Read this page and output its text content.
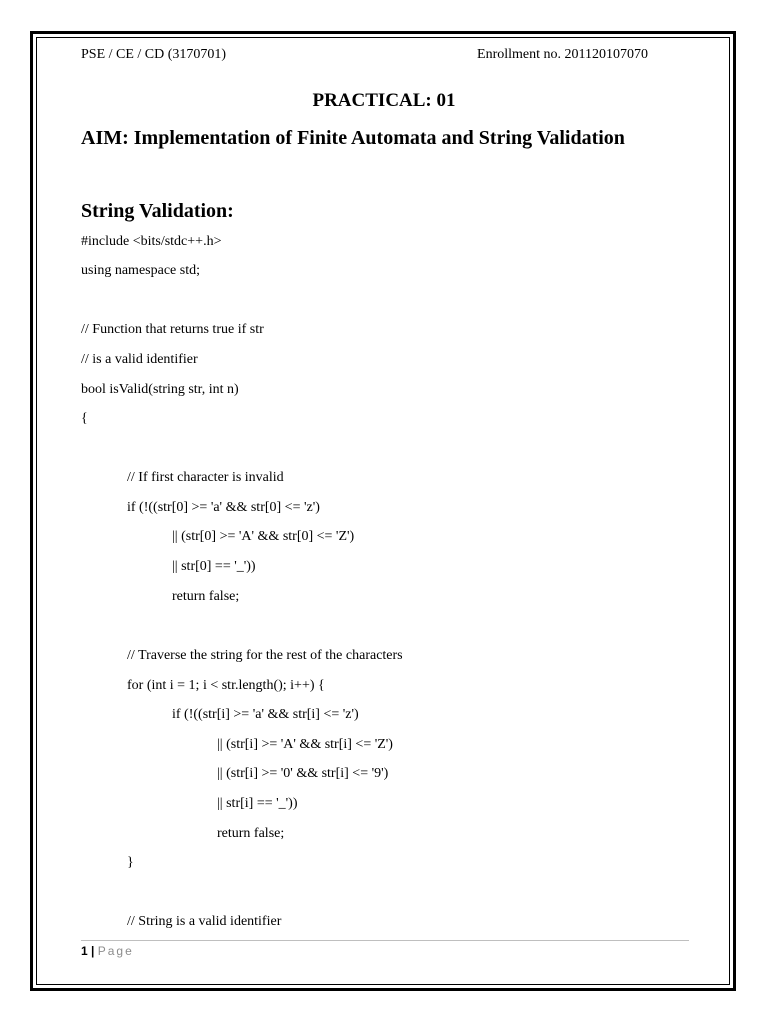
PSE / CE / CD (3170701)	Enrollment no. 201120107070
PRACTICAL: 01
AIM: Implementation of Finite Automata and String Validation
String Validation:
#include <bits/stdc++.h>
using namespace std;
// Function that returns true if str
// is a valid identifier
bool isValid(string str, int n)
{
// If first character is invalid
if (!((str[0] >= 'a' && str[0] <= 'z')
|| (str[0] >= 'A' && str[0] <= 'Z')
|| str[0] == '_'))
return false;
// Traverse the string for the rest of the characters
for (int i = 1; i < str.length(); i++) {
if (!((str[i] >= 'a' && str[i] <= 'z')
|| (str[i] >= 'A' && str[i] <= 'Z')
|| (str[i] >= '0' && str[i] <= '9')
|| str[i] == '_'))
return false;
}
// String is a valid identifier
1 | Page
